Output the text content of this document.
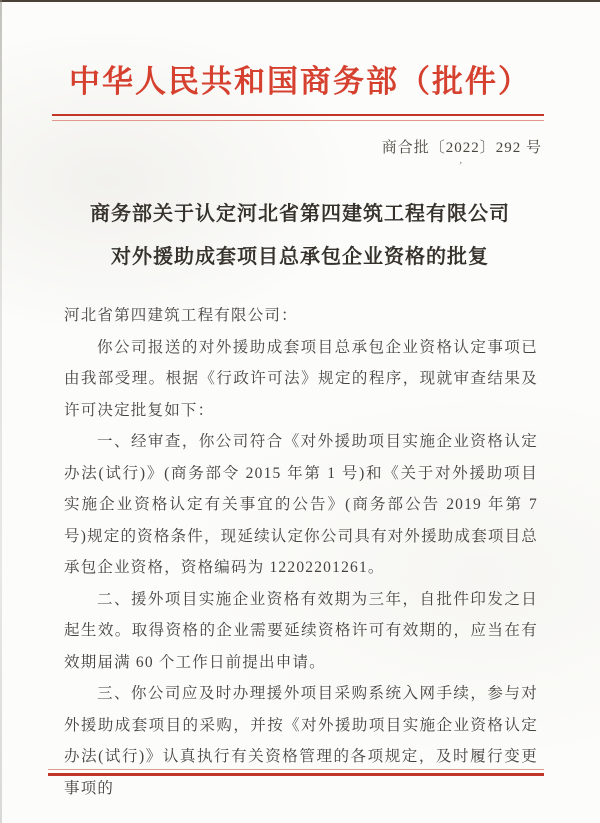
中华人民共和国商务部（批件）
商合批〔2022〕292 号
’
商务部关于认定河北省第四建筑工程有限公司
对外援助成套项目总承包企业资格的批复

河北省第四建筑工程有限公司：

你公司报送的对外援助成套项目总承包企业资格认定事项已由我部受理。根据《行政许可法》规定的程序，现就审查结果及许可决定批复如下：

一、经审查，你公司符合《对外援助项目实施企业资格认定办法(试行)》(商务部令 2015 年第 1 号)和《关于对外援助项目实施企业资格认定有关事宜的公告》(商务部公告 2019 年第 7 号)规定的资格条件，现延续认定你公司具有对外援助成套项目总承包企业资格，资格编码为 12202201261。

二、援外项目实施企业资格有效期为三年，自批件印发之日起生效。取得资格的企业需要延续资格许可有效期的，应当在有效期届满 60 个工作日前提出申请。

三、你公司应及时办理援外项目采购系统入网手续，参与对外援助成套项目的采购，并按《对外援助项目实施企业资格认定办法(试行)》认真执行有关资格管理的各项规定，及时履行变更事项的
